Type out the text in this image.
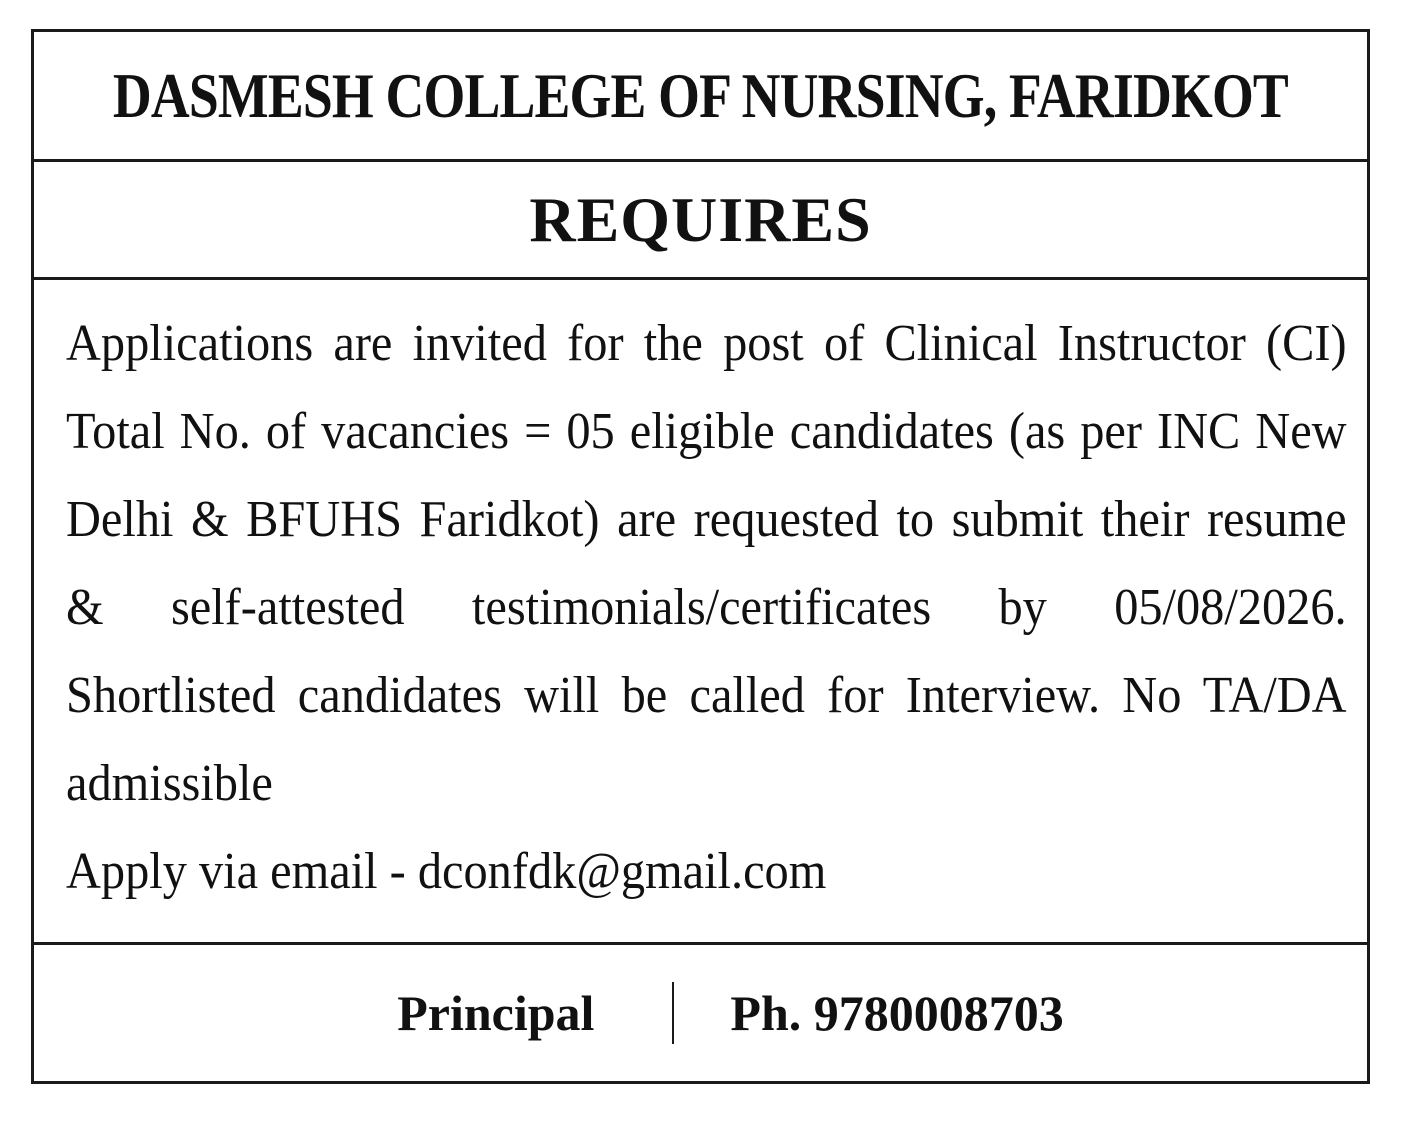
DASMESH COLLEGE OF NURSING, FARIDKOT
REQUIRES

Applications are invited for the post of Clinical Instructor (CI) Total No. of vacancies = 05 eligible candidates (as per INC New Delhi & BFUHS Faridkot) are requested to submit their resume & self-attested testimonials/certificates by 05/08/2026. Shortlisted candidates will be called for Interview. No TA/DA admissible

Apply via email - dconfdk@gmail.com

Principal	Ph. 9780008703
